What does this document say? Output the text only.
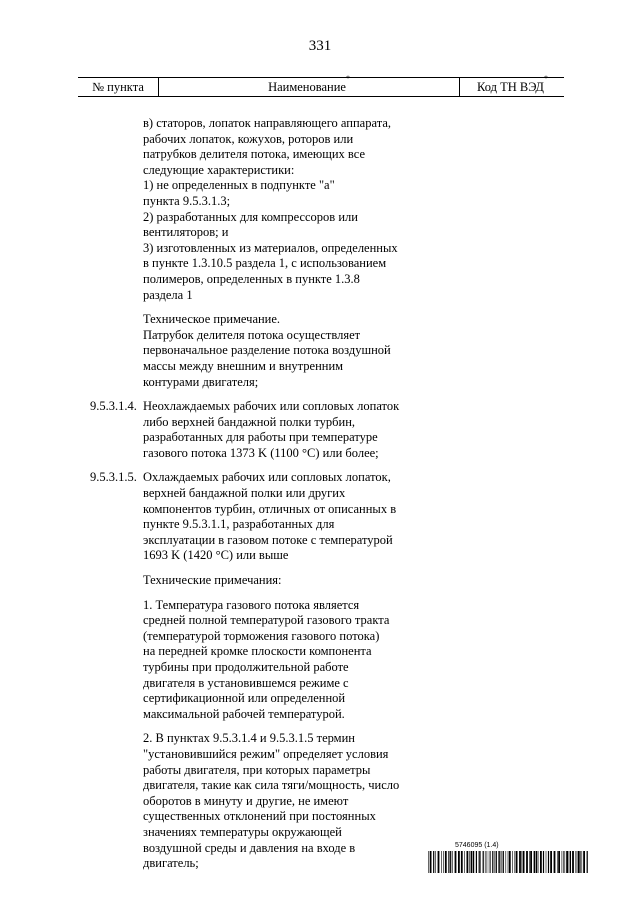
331
№ пункта	Наименование*
Код ТН ВЭД*

в) статоров, лопаток направляющего аппарата,
рабочих лопаток, кожухов, роторов или
патрубков делителя потока, имеющих все
следующие характеристики:
1) не определенных в подпункте "а"
пункта 9.5.3.1.3;
2) разработанных для компрессоров или
вентиляторов; и
3) изготовленных из материалов, определенных
в пункте 1.3.10.5 раздела 1, с использованием
полимеров, определенных в пункте 1.3.8
раздела 1

Техническое примечание.
Патрубок делителя потока осуществляет
первоначальное разделение потока воздушной
массы между внешним и внутренним
контурами двигателя;

9.5.3.1.4. Неохлаждаемых рабочих или сопловых лопаток
либо верхней бандажной полки турбин,
разработанных для работы при температуре
газового потока 1373 K (1100 °C) или более;

9.5.3.1.5. Охлаждаемых рабочих или сопловых лопаток,
верхней бандажной полки или других
компонентов турбин, отличных от описанных в
пункте 9.5.3.1.1, разработанных для
эксплуатации в газовом потоке с температурой
1693 K (1420 °C) или выше

Технические примечания:

1. Температура газового потока является
средней полной температурой газового тракта
(температурой торможения газового потока)
на передней кромке плоскости компонента
турбины при продолжительной работе
двигателя в установившемся режиме с
сертификационной или определенной
максимальной рабочей температурой.

2. В пунктах 9.5.3.1.4 и 9.5.3.1.5 термин
"установившийся режим" определяет условия
работы двигателя, при которых параметры
двигателя, такие как сила тяги/мощность, число
оборотов в минуту и другие, не имеют
существенных отклонений при постоянных
значениях температуры окружающей
воздушной среды и давления на входе в
двигатель;

5746095 (1.4)
